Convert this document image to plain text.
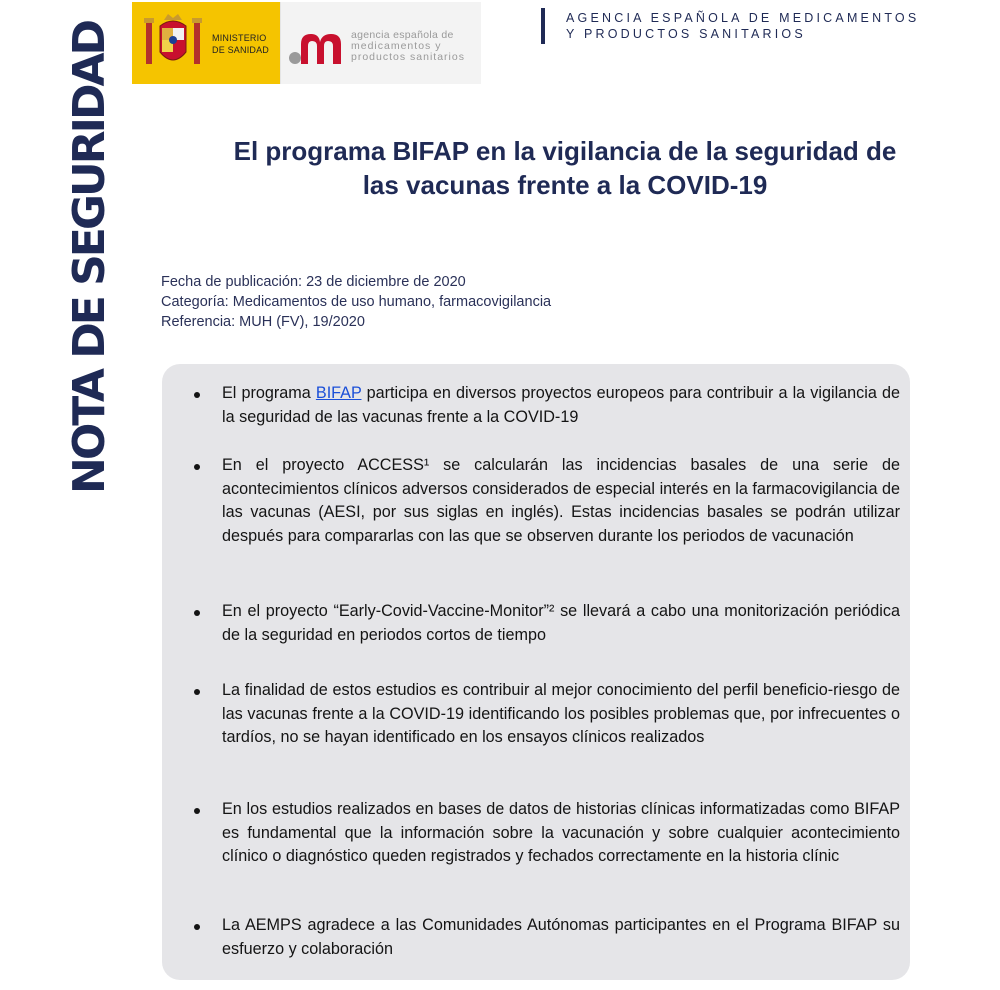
MINISTERIO
DE SANIDAD
agencia española de
medicamentos y
productos sanitarios
AGENCIA ESPAÑOLA DE MEDICAMENTOS
Y PRODUCTOS SANITARIOS
NOTA DE SEGURIDAD	El programa BIFAP en la vigilancia de la seguridad de
las vacunas frente a la COVID-19
Fecha de publicación: 23 de diciembre de 2020
Categoría: Medicamentos de uso humano, farmacovigilancia
Referencia: MUH (FV), 19/2020
El programa BIFAP participa en diversos proyectos europeos para contribuir a la vigilancia de la seguridad de las vacunas frente a la COVID-19
En el proyecto ACCESS¹ se calcularán las incidencias basales de una serie de acontecimientos clínicos adversos considerados de especial interés en la farmacovigilancia de las vacunas (AESI, por sus siglas en inglés). Estas incidencias basales se podrán utilizar después para compararlas con las que se observen durante los periodos de vacunación
En el proyecto “Early-Covid-Vaccine-Monitor”² se llevará a cabo una monitorización periódica de la seguridad en periodos cortos de tiempo
La finalidad de estos estudios es contribuir al mejor conocimiento del perfil beneficio-riesgo de las vacunas frente a la COVID-19 identificando los posibles problemas que, por infrecuentes o tardíos, no se hayan identificado en los ensayos clínicos realizados
En los estudios realizados en bases de datos de historias clínicas informatizadas como BIFAP es fundamental que la información sobre la vacunación y sobre cualquier acontecimiento clínico o diagnóstico queden registrados y fechados correctamente en la historia clínic
La AEMPS agradece a las Comunidades Autónomas participantes en el Programa BIFAP su esfuerzo y colaboración
